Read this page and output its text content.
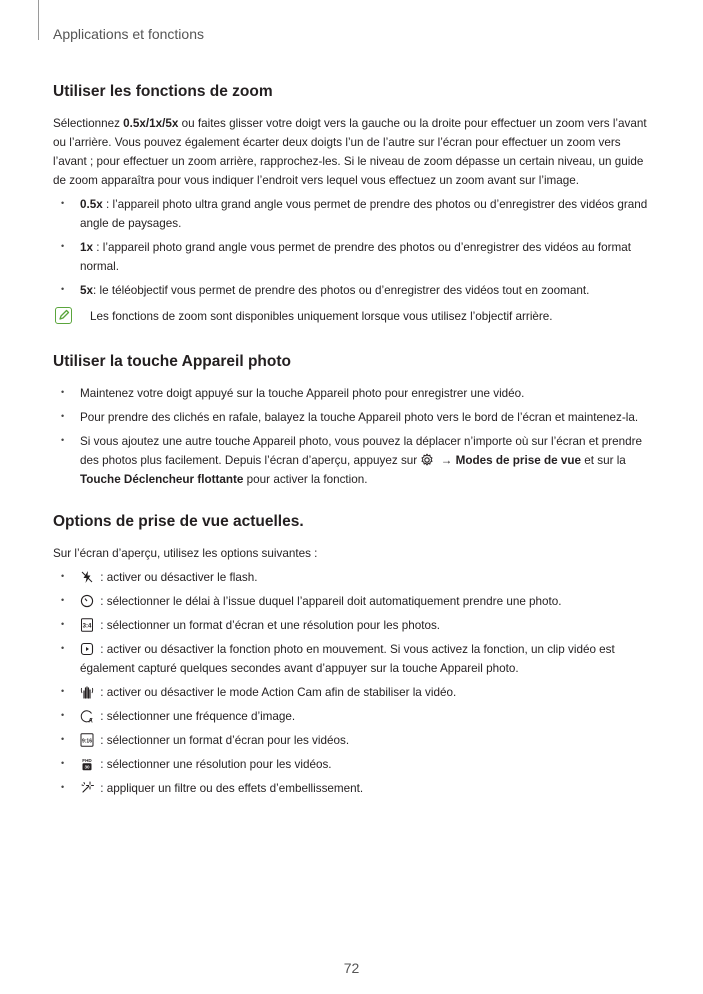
Applications et fonctions
Utiliser les fonctions de zoom

Sélectionnez 0.5x/1x/5x ou faites glisser votre doigt vers la gauche ou la droite pour effectuer un zoom vers l’avant ou l’arrière. Vous pouvez également écarter deux doigts l’un de l’autre sur l’écran pour effectuer un zoom vers l’avant ; pour effectuer un zoom arrière, rapprochez-les. Si le niveau de zoom dépasse un certain niveau, un guide de zoom apparaîtra pour vous indiquer l’endroit vers lequel vous effectuez un zoom avant sur l’image.

• 0.5x : l’appareil photo ultra grand angle vous permet de prendre des photos ou d’enregistrer des vidéos grand angle de paysages.
• 1x : l’appareil photo grand angle vous permet de prendre des photos ou d’enregistrer des vidéos au format normal.
• 5x: le téléobjectif vous permet de prendre des photos ou d’enregistrer des vidéos tout en zoomant.
Les fonctions de zoom sont disponibles uniquement lorsque vous utilisez l’objectif arrière.
Utiliser la touche Appareil photo
• Maintenez votre doigt appuyé sur la touche Appareil photo pour enregistrer une vidéo.
• Pour prendre des clichés en rafale, balayez la touche Appareil photo vers le bord de l’écran et maintenez-la.
• Si vous ajoutez une autre touche Appareil photo, vous pouvez la déplacer n’importe où sur l’écran et prendre des photos plus facilement. Depuis l’écran d’aperçu, appuyez sur
→ Modes de prise de vue et sur la Touche Déclencheur flottante pour activer la fonction.
Options de prise de vue actuelles.

Sur l’écran d’aperçu, utilisez les options suivantes :

• : activer ou désactiver le flash.
• : sélectionner le délai à l’issue duquel l’appareil doit automatiquement prendre une photo.
• 3:4 : sélectionner un format d’écran et une résolution pour les photos.
• : activer ou désactiver la fonction photo en mouvement. Si vous activez la fonction, un clip vidéo est également capturé quelques secondes avant d’appuyer sur la touche Appareil photo.
• : activer ou désactiver le mode Action Cam afin de stabiliser la vidéo.
• A : sélectionner une fréquence d’image.
• 9:16 : sélectionner un format d’écran pour les vidéos.
• FHD
30 : sélectionner une résolution pour les vidéos.
• : appliquer un filtre ou des effets d’embellissement.
72
